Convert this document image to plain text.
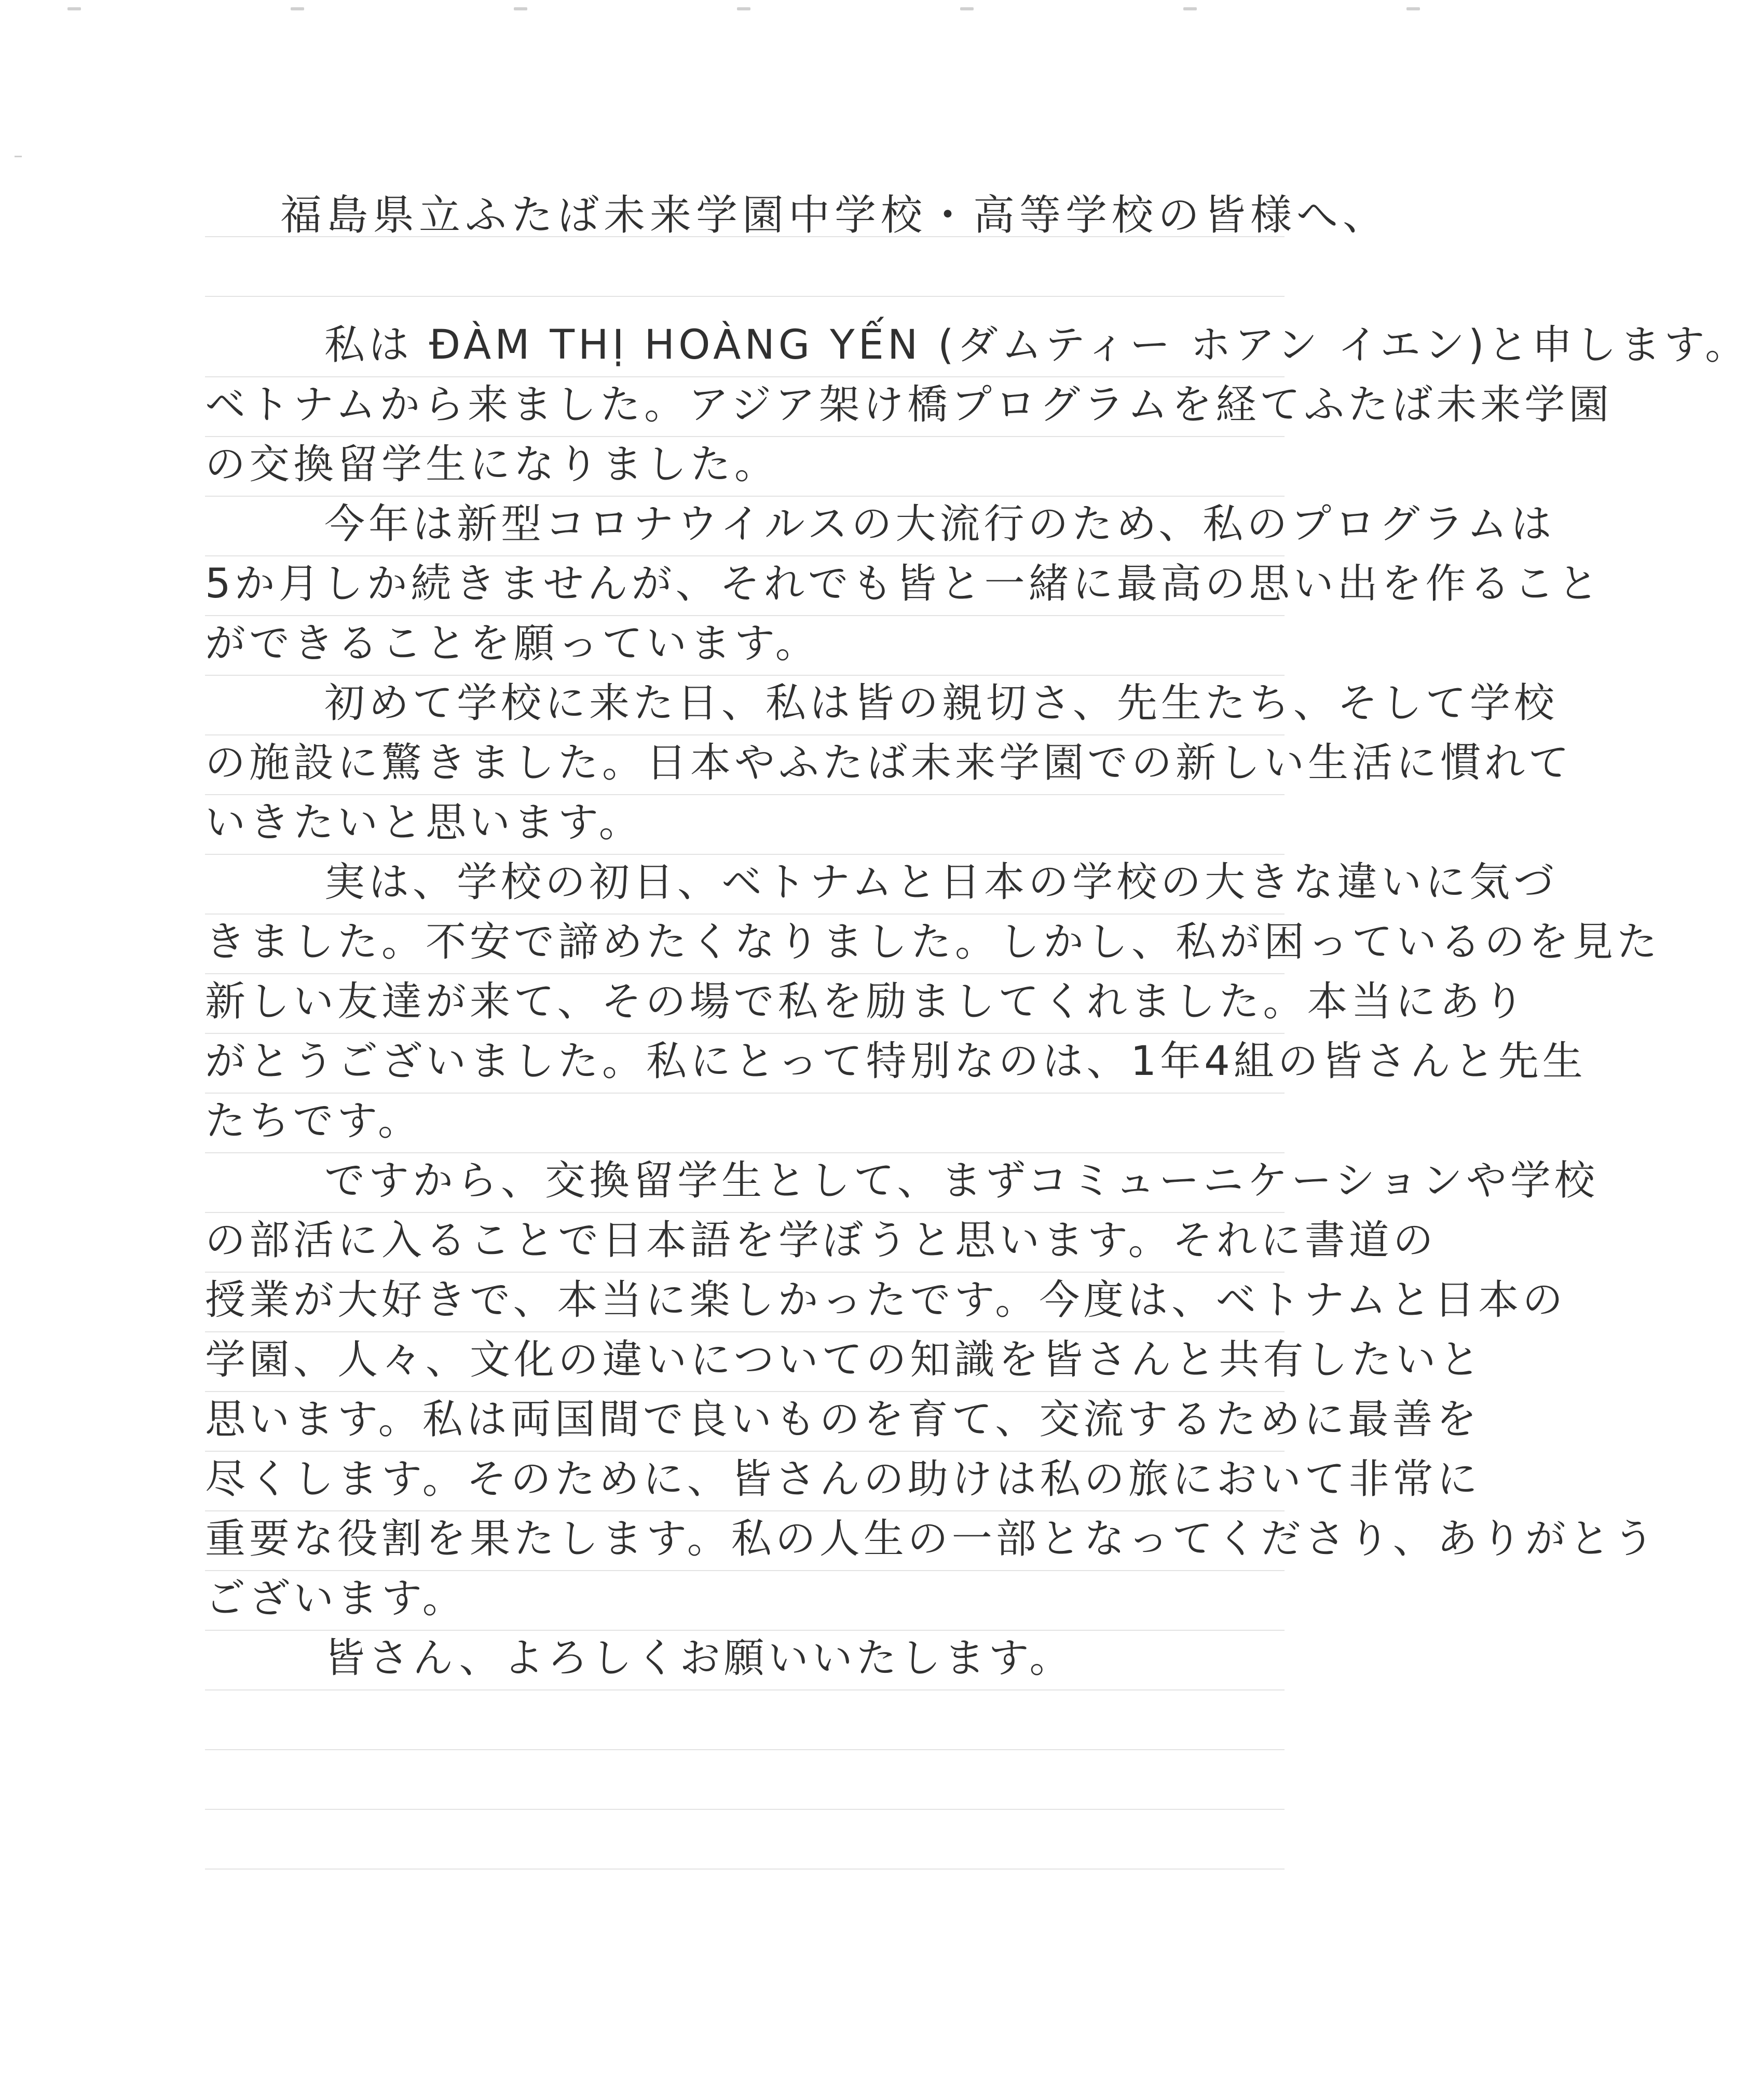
福島県立ふたば未来学園中学校・高等学校の皆様へ、
私は ĐÀM THỊ HOÀNG YẾN (ダムティー ホアン イエン)と申します。
ベトナムから来ました。アジア架け橋プログラムを経てふたば未来学園
の交換留学生になりました。
今年は新型コロナウイルスの大流行のため、私のプログラムは
5か月しか続きませんが、それでも皆と一緒に最高の思い出を作ること
ができることを願っています。
初めて学校に来た日、私は皆の親切さ、先生たち、そして学校
の施設に驚きました。日本やふたば未来学園での新しい生活に慣れて
いきたいと思います。
実は、学校の初日、ベトナムと日本の学校の大きな違いに気づ
きました。不安で諦めたくなりました。しかし、私が困っているのを見た
新しい友達が来て、その場で私を励ましてくれました。本当にあり
がとうございました。私にとって特別なのは、1年4組の皆さんと先生
たちです。
ですから、交換留学生として、まずコミューニケーションや学校
の部活に入ることで日本語を学ぼうと思います。それに書道の
授業が大好きで、本当に楽しかったです。今度は、ベトナムと日本の
学園、人々、文化の違いについての知識を皆さんと共有したいと
思います。私は両国間で良いものを育て、交流するために最善を
尽くします。そのために、皆さんの助けは私の旅において非常に
重要な役割を果たします。私の人生の一部となってくださり、ありがとう
ございます。
皆さん、よろしくお願いいたします。
